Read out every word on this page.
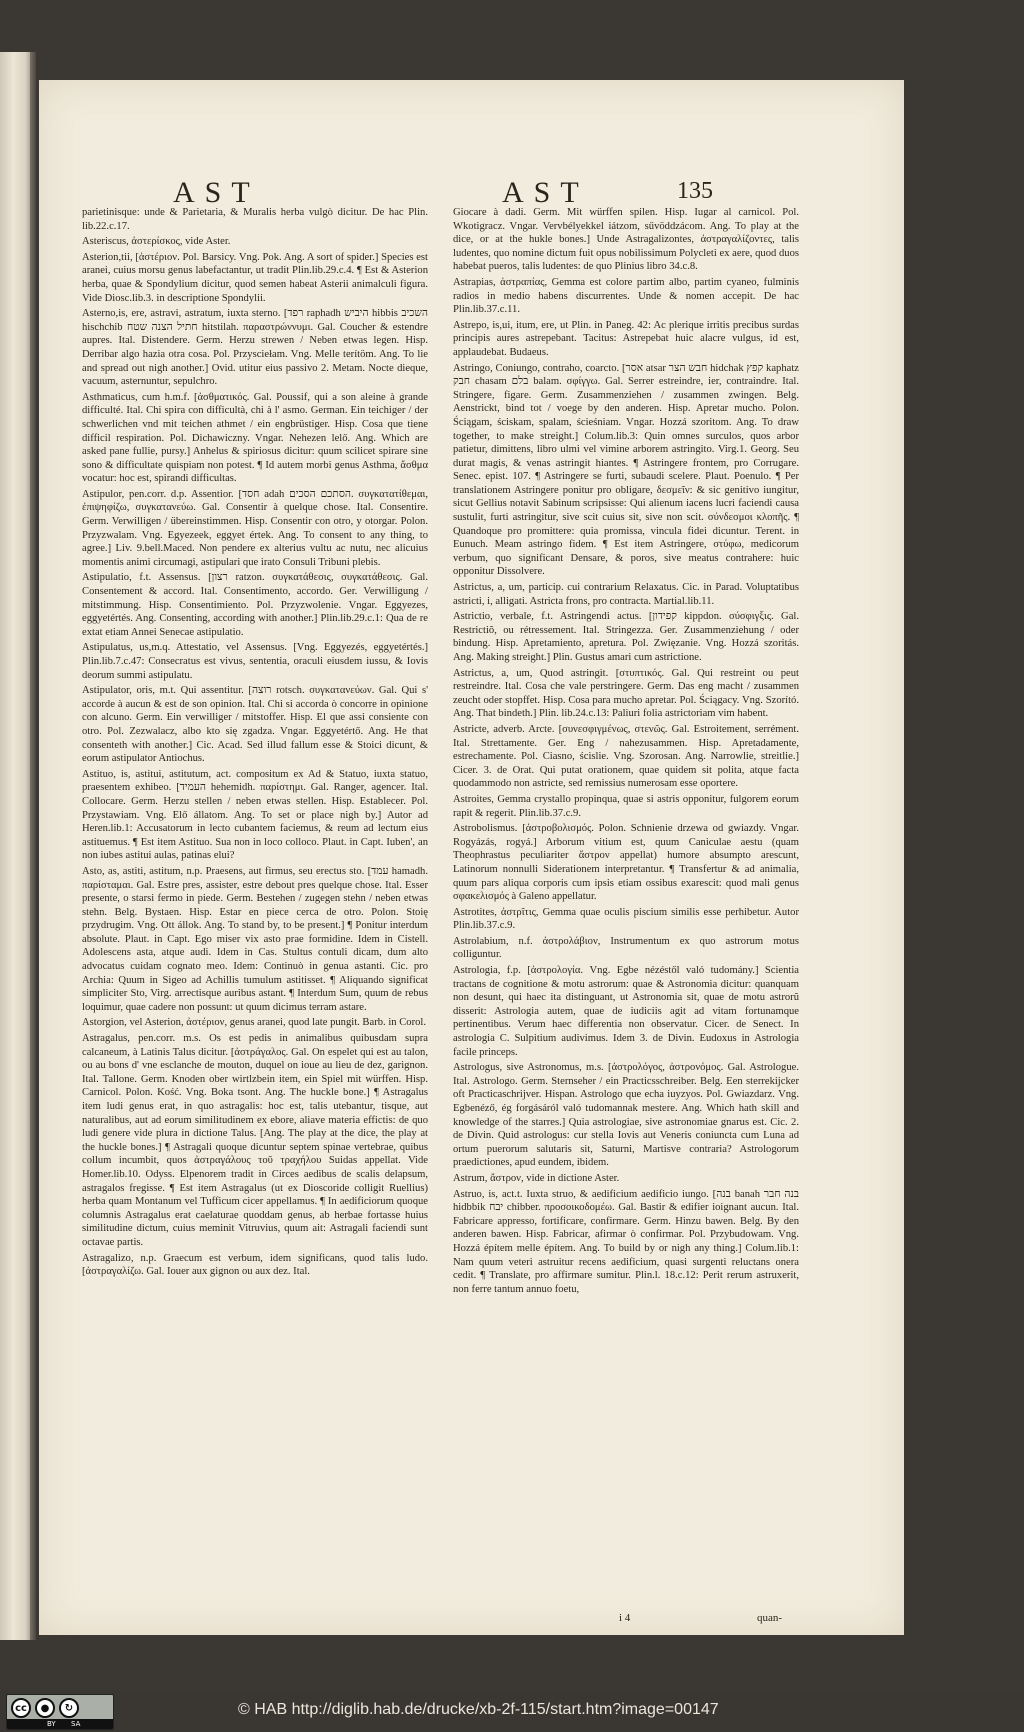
AST	AST	135

parietinisque: unde & Parietaria, & Muralis herba vulgò dicitur. De hac Plin. lib.22.c.17.

Asteriscus, ἀστερίσκος, vide Aster.

Asterion,tii, [ἀστέριον. Pol. Barsicy. Vng. Pok. Ang. A sort of spider.] Species est aranei, cuius morsu genus labefactantur, ut tradit Plin.lib.29.c.4. ¶ Est & Asterion herba, quae & Spondylium dicitur, quod semen habeat Asterii animalculi figura. Vide Diosc.lib.3. in descriptione Spondylii.

Asterno,is, ere, astravi, astratum, iuxta sterno. [רפד raphadh היביש hibbis השכיב hischchib חתיל הצנה שטח hitstilah. παραστρώννυμι. Gal. Coucher & estendre aupres. Ital. Distendere. Germ. Herzu strewen / Neben etwas legen. Hisp. Derribar algo hazia otra cosa. Pol. Przysciełam. Vng. Melle terítöm. Ang. To lie and spread out nigh another.] Ovid. utitur eius passivo 2. Metam. Nocte dieque, vacuum, asternuntur, sepulchro.

Asthmaticus, cum h.m.f. [ἀσθματικός. Gal. Poussif, qui a son aleine à grande difficulté. Ital. Chi spira con difficultà, chi à l' asmo. German. Ein teichiger / der schwerlichen vnd mit teichen athmet / ein engbrüstiger. Hisp. Cosa que tiene difficil respiration. Pol. Dichawiczny. Vngar. Nehezen lelő. Ang. Which are asked pane fullie, pursy.] Anhelus & spiriosus dicitur: quum scilicet spirare sine sono & difficultate quispiam non potest. ¶ Id autem morbi genus Asthma, ἄσθμα vocatur: hoc est, spirandi difficultas.

Astipulor, pen.corr. d.p. Assentior. [חסד adah הסתכם הסכים. συγκατατίθεμαι, ἐπιψηφίζω, συγκατανεύω. Gal. Consentir à quelque chose. Ital. Consentire. Germ. Verwilligen / übereinstimmen. Hisp. Consentir con otro, y otorgar. Polon. Przyzwalam. Vng. Egyezeek, eggyet értek. Ang. To consent to any thing, to agree.] Liv. 9.bell.Maced. Non pendere ex alterius vultu ac nutu, nec alicuius momentis animi circumagi, astipulari que irato Consuli Tribuni plebis.

Astipulatio, f.t. Assensus. [רצון ratzon. συγκατάθεσις, συγκατάθεσις. Gal. Consentement & accord. Ital. Consentimento, accordo. Ger. Verwilligung / mitstimmung. Hisp. Consentimiento. Pol. Przyzwolenie. Vngar. Eggyezes, eggyetértés. Ang. Consenting, according with another.] Plin.lib.29.c.1: Qua de re extat etiam Annei Senecae astipulatio.

Astipulatus, us,m.q. Attestatio, vel Assensus. [Vng. Eggyezés, eggyetértés.] Plin.lib.7.c.47: Consecratus est vivus, sententia, oraculi eiusdem iussu, & Iovis deorum summi astipulatu.

Astipulator, oris, m.t. Qui assentitur. [רוצה rotsch. συγκατανεύων. Gal. Qui s' accorde à aucun & est de son opinion. Ital. Chi si accorda ò concorre in opinione con alcuno. Germ. Ein verwilliger / mitstoffer. Hisp. El que assi consiente con otro. Pol. Zezwalacz, albo kto się zgadza. Vngar. Eggyetértő. Ang. He that consenteth with another.] Cic. Acad. Sed illud fallum esse & Stoici dicunt, & eorum astipulator Antiochus.

Astituo, is, astitui, astitutum, act. compositum ex Ad & Statuo, iuxta statuo, praesentem exhibeo. [העמיד hehemidh. παρίστημι. Gal. Ranger, agencer. Ital. Collocare. Germ. Herzu stellen / neben etwas stellen. Hisp. Establecer. Pol. Przystawiam. Vng. Elő állatom. Ang. To set or place nigh by.] Autor ad Heren.lib.1: Accusatorum in lecto cubantem faciemus, & reum ad lectum eius astituemus. ¶ Est item Astituo. Sua non in loco colloco. Plaut. in Capt. Iuben', an non iubes astitui aulas, patinas elui?

Asto, as, astiti, astitum, n.p. Praesens, aut firmus, seu erectus sto. [עמד hamadh. παρίσταμαι. Gal. Estre pres, assister, estre debout pres quelque chose. Ital. Esser presente, o starsi fermo in piede. Germ. Bestehen / zugegen stehn / neben etwas stehn. Belg. Bystaen. Hisp. Estar en piece cerca de otro. Polon. Stoię przydrugim. Vng. Ott állok. Ang. To stand by, to be present.] ¶ Ponitur interdum absolute. Plaut. in Capt. Ego miser vix asto prae formidine. Idem in Cistell. Adolescens asta, atque audi. Idem in Cas. Stultus contuli dicam, dum alto advocatus cuidam cognato meo. Idem: Continuò in genua astanti. Cic. pro Archia: Quum in Sigeo ad Achillis tumulum astitisset. ¶ Aliquando significat simpliciter Sto, Virg. arrectisque auribus astant. ¶ Interdum Sum, quum de rebus loquimur, quae cadere non possunt: ut quum dicimus terram astare.

Astorgion, vel Asterion, ἀστέριον, genus aranei, quod late pungit. Barb. in Corol.

Astragalus, pen.corr. m.s. Os est pedis in animalibus quibusdam supra calcaneum, à Latinis Talus dicitur. [ἀστράγαλος. Gal. On espelet qui est au talon, ou au bons d' vne esclanche de mouton, duquel on ioue au lieu de dez, garignon. Ital. Tallone. Germ. Knoden ober wirtlzbein item, ein Spiel mit würffen. Hisp. Carnicol. Polon. Kość. Vng. Boka tsont. Ang. The huckle bone.] ¶ Astragalus item ludi genus erat, in quo astragalis: hoc est, talis utebantur, tisque, aut naturalibus, aut ad eorum similitudinem ex ebore, aliave materia effictis: de quo ludi genere vide plura in dictione Talus. [Ang. The play at the dice, the play at the huckle bones.] ¶ Astragali quoque dicuntur septem spinae vertebrae, quibus collum incumbit, quos ἀστραγάλους τοῦ τραχήλου Suidas appellat. Vide Homer.lib.10. Odyss. Elpenorem tradit in Circes aedibus de scalis delapsum, astragalos fregisse. ¶ Est item Astragalus (ut ex Dioscoride colligit Ruellius) herba quam Montanum vel Tufficum cicer appellamus. ¶ In aedificiorum quoque columnis Astragalus erat caelaturae quoddam genus, ab herbae fortasse huius similitudine dictum, cuius meminit Vitruvius, quum ait: Astragali faciendi sunt octavae partis.

Astragalizo, n.p. Graecum est verbum, idem significans, quod talis ludo. [ἀστραγαλίζω. Gal. Iouer aux gignon ou aux dez. Ital.

Giocare à dadi. Germ. Mit würffen spilen. Hisp. Iugar al carnicol. Pol. Wkotigracz. Vngar. Vervbélyekkel iátzom, sűvöddzácom. Ang. To play at the dice, or at the hukle bones.] Unde Astragalizontes, ἀστραγαλίζοντες, talis ludentes, quo nomine dictum fuit opus nobilissimum Polycleti ex aere, quod duos habebat pueros, talis ludentes: de quo Plinius libro 34.c.8.

Astrapias, ἀστραπίας, Gemma est colore partim albo, partim cyaneo, fulminis radios in medio habens discurrentes. Unde & nomen accepit. De hac Plin.lib.37.c.11.

Astrepo, is,ui, itum, ere, ut Plin. in Paneg. 42: Ac plerique irritis precibus surdas principis aures astrepebant. Tacitus: Astrepebat huic alacre vulgus, id est, applaudebat. Budaeus.

Astringo, Coniungo, contraho, coarcto. [אסר atsar חבש הצר hidchak קפץ kaphatz חבק chasam בלם balam. σφίγγω. Gal. Serrer estreindre, ier, contraindre. Ital. Stringere, figare. Germ. Zusammenziehen / zusammen zwingen. Belg. Aenstrickt, bind tot / voege by den anderen. Hisp. Apretar mucho. Polon. Ściągam, ściskam, spalam, ścieśniam. Vngar. Hozzá szoritom. Ang. To draw together, to make streight.] Colum.lib.3: Quin omnes surculos, quos arbor patietur, dimittens, libro ulmi vel vimine arborem astringito. Virg.1. Georg. Seu durat magis, & venas astringit hiantes. ¶ Astringere frontem, pro Corrugare. Senec. epist. 107. ¶ Astringere se furti, subaudi scelere. Plaut. Poenulo. ¶ Per translationem Astringere ponitur pro obligare, δεσμεῖν: & sic genitivo iungitur, sicut Gellius notavit Sabinum scripsisse: Qui alienum iacens lucri faciendi causa sustulit, furti astringitur, sive scit cuius sit, sive non scit. σύνδεσμοι κλοπῆς. ¶ Quandoque pro promittere: quia promissa, vincula fidei dicuntur. Terent. in Eunuch. Meam astringo fidem. ¶ Est item Astringere, στύφω, medicorum verbum, quo significant Densare, & poros, sive meatus contrahere: huic opponitur Dissolvere.

Astrictus, a, um, particip. cui contrarium Relaxatus. Cic. in Parad. Voluptatibus astricti, i, alligati. Astricta frons, pro contracta. Martial.lib.11.

Astrictio, verbale, f.t. Astringendi actus. [קפידון kippdon. σύσφιγξις. Gal. Restrictiõ, ou rétressement. Ital. Stringezza. Ger. Zusammenziehung / oder bindung. Hisp. Apretamiento, apretura. Pol. Zwięzanie. Vng. Hozzá szoritás. Ang. Making streight.] Plin. Gustus amari cum astrictione.

Astrictus, a, um, Quod astringit. [στυπτικός. Gal. Qui restreint ou peut restreindre. Ital. Cosa che vale perstringere. Germ. Das eng macht / zusammen zeucht oder stopffet. Hisp. Cosa para mucho apretar. Pol. Ściągacy. Vng. Szorító. Ang. That bindeth.] Plin. lib.24.c.13: Paliuri folia astrictoriam vim habent.

Astricte, adverb. Arcte. [συνεσφιγμένως, στενῶς. Gal. Estroitement, serrément. Ital. Strettamente. Ger. Eng / nahezusammen. Hisp. Apretadamente, estrechamente. Pol. Ciasno, ścislie. Vng. Szorosan. Ang. Narrowlie, streitlie.] Cicer. 3. de Orat. Qui putat orationem, quae quidem sit polita, atque facta quodammodo non astricte, sed remissius numerosam esse oportere.

Astroites, Gemma crystallo propinqua, quae si astris opponitur, fulgorem eorum rapit & regerit. Plin.lib.37.c.9.

Astrobolismus. [ἀστροβολισμός. Polon. Schnienie drzewa od gwiazdy. Vngar. Rogyázás, rogyá.] Arborum vitium est, quum Caniculae aestu (quam Theophrastus peculiariter ἄστρον appellat) humore absumpto arescunt, Latinorum nonnulli Siderationem interpretantur. ¶ Transfertur & ad animalia, quum pars aliqua corporis cum ipsis etiam ossibus exarescit: quod mali genus σφακελισμός à Galeno appellatur.

Astrotites, ἀστρῖτις, Gemma quae oculis piscium similis esse perhibetur. Autor Plin.lib.37.c.9.

Astrolabium, n.f. ἀστρολάβιον, Instrumentum ex quo astrorum motus colliguntur.

Astrologia, f.p. [ἀστρολογία. Vng. Egbe nézéstől való tudomány.] Scientia tractans de cognitione & motu astrorum: quae & Astronomia dicitur: quanquam non desunt, qui haec ita distinguant, ut Astronomia sit, quae de motu astrorũ disserit: Astrologia autem, quae de iudiciis agit ad vitam fortunamque pertinentibus. Verum haec differentia non observatur. Cicer. de Senect. In astrologia C. Sulpitium audivimus. Idem 3. de Divin. Eudoxus in Astrologia facile princeps.

Astrologus, sive Astronomus, m.s. [ἀστρολόγος, ἀστρονόμος. Gal. Astrologue. Ital. Astrologo. Germ. Sternseher / ein Practicsschreiber. Belg. Een sterrekijcker oft Practicaschrijver. Hispan. Astrologo que echa iuyzyos. Pol. Gwiazdarz. Vng. Egbenéző, ég forgásáról való tudomannak mestere. Ang. Which hath skill and knowledge of the starres.] Quia astrologiae, sive astronomiae gnarus est. Cic. 2. de Divin. Quid astrologus: cur stella Iovis aut Veneris coniuncta cum Luna ad ortum puerorum salutaris sit, Saturni, Martisve contraria? Astrologorum praedictiones, apud eundem, ibidem.

Astrum, ἄστρον, vide in dictione Aster.

Astruo, is, act.t. Iuxta struo, & aedificium aedificio iungo. [בנה banah בנה חבר hidbbik יבח chibber. προσοικοδομέω. Gal. Bastir & edifier ioignant aucun. Ital. Fabricare appresso, fortificare, confirmare. Germ. Hinzu bawen. Belg. By den anderen bawen. Hisp. Fabricar, afirmar ò confirmar. Pol. Przybudowam. Vng. Hozzá építem melle építem. Ang. To build by or nigh any thing.] Colum.lib.1: Nam quum veteri astruitur recens aedificium, quasi surgenti reluctans onera cedit. ¶ Translate, pro affirmare sumitur. Plin.l. 18.c.12: Perit rerum astruxerit, non ferre tantum annuo foetu,

i 4	quan-
cc	●	↻
BY SA
© HAB http://diglib.hab.de/drucke/xb-2f-115/start.htm?image=00147
